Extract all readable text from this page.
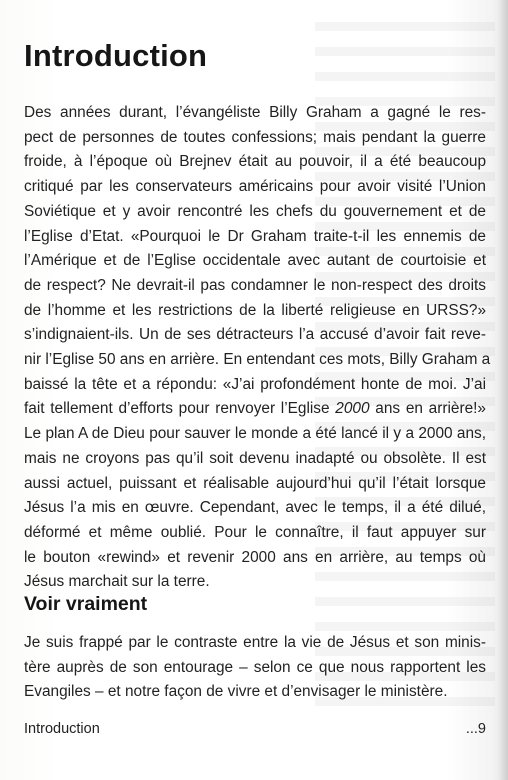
Introduction

Des années durant, l’évangéliste Billy Graham a gagné le res-
pect de personnes de toutes confessions; mais pendant la guerre
froide, à l’époque où Brejnev était au pouvoir, il a été beaucoup
critiqué par les conservateurs américains pour avoir visité l’Union
Soviétique et y avoir rencontré les chefs du gouvernement et de
l’Eglise d’Etat. «Pourquoi le Dr Graham traite-t-il les ennemis de
l’Amérique et de l’Eglise occidentale avec autant de courtoisie et
de respect? Ne devrait-il pas condamner le non-respect des droits
de l’homme et les restrictions de la liberté religieuse en URSS?»
s’indignaient-ils. Un de ses détracteurs l’a accusé d’avoir fait reve-
nir l’Eglise 50 ans en arrière. En entendant ces mots, Billy Graham a
baissé la tête et a répondu: «J’ai profondément honte de moi. J’ai
fait tellement d’efforts pour renvoyer l’Eglise 2000 ans en arrière!»
Le plan A de Dieu pour sauver le monde a été lancé il y a 2000 ans,
mais ne croyons pas qu’il soit devenu inadapté ou obsolète. Il est
aussi actuel, puissant et réalisable aujourd’hui qu’il l’était lorsque
Jésus l’a mis en œuvre. Cependant, avec le temps, il a été dilué,
déformé et même oublié. Pour le connaître, il faut appuyer sur
le bouton «rewind» et revenir 2000 ans en arrière, au temps où
Jésus marchait sur la terre.

Voir vraiment

Je suis frappé par le contraste entre la vie de Jésus et son minis-
tère auprès de son entourage – selon ce que nous rapportent les
Evangiles – et notre façon de vivre et d’envisager le ministère.

Introduction	...9
